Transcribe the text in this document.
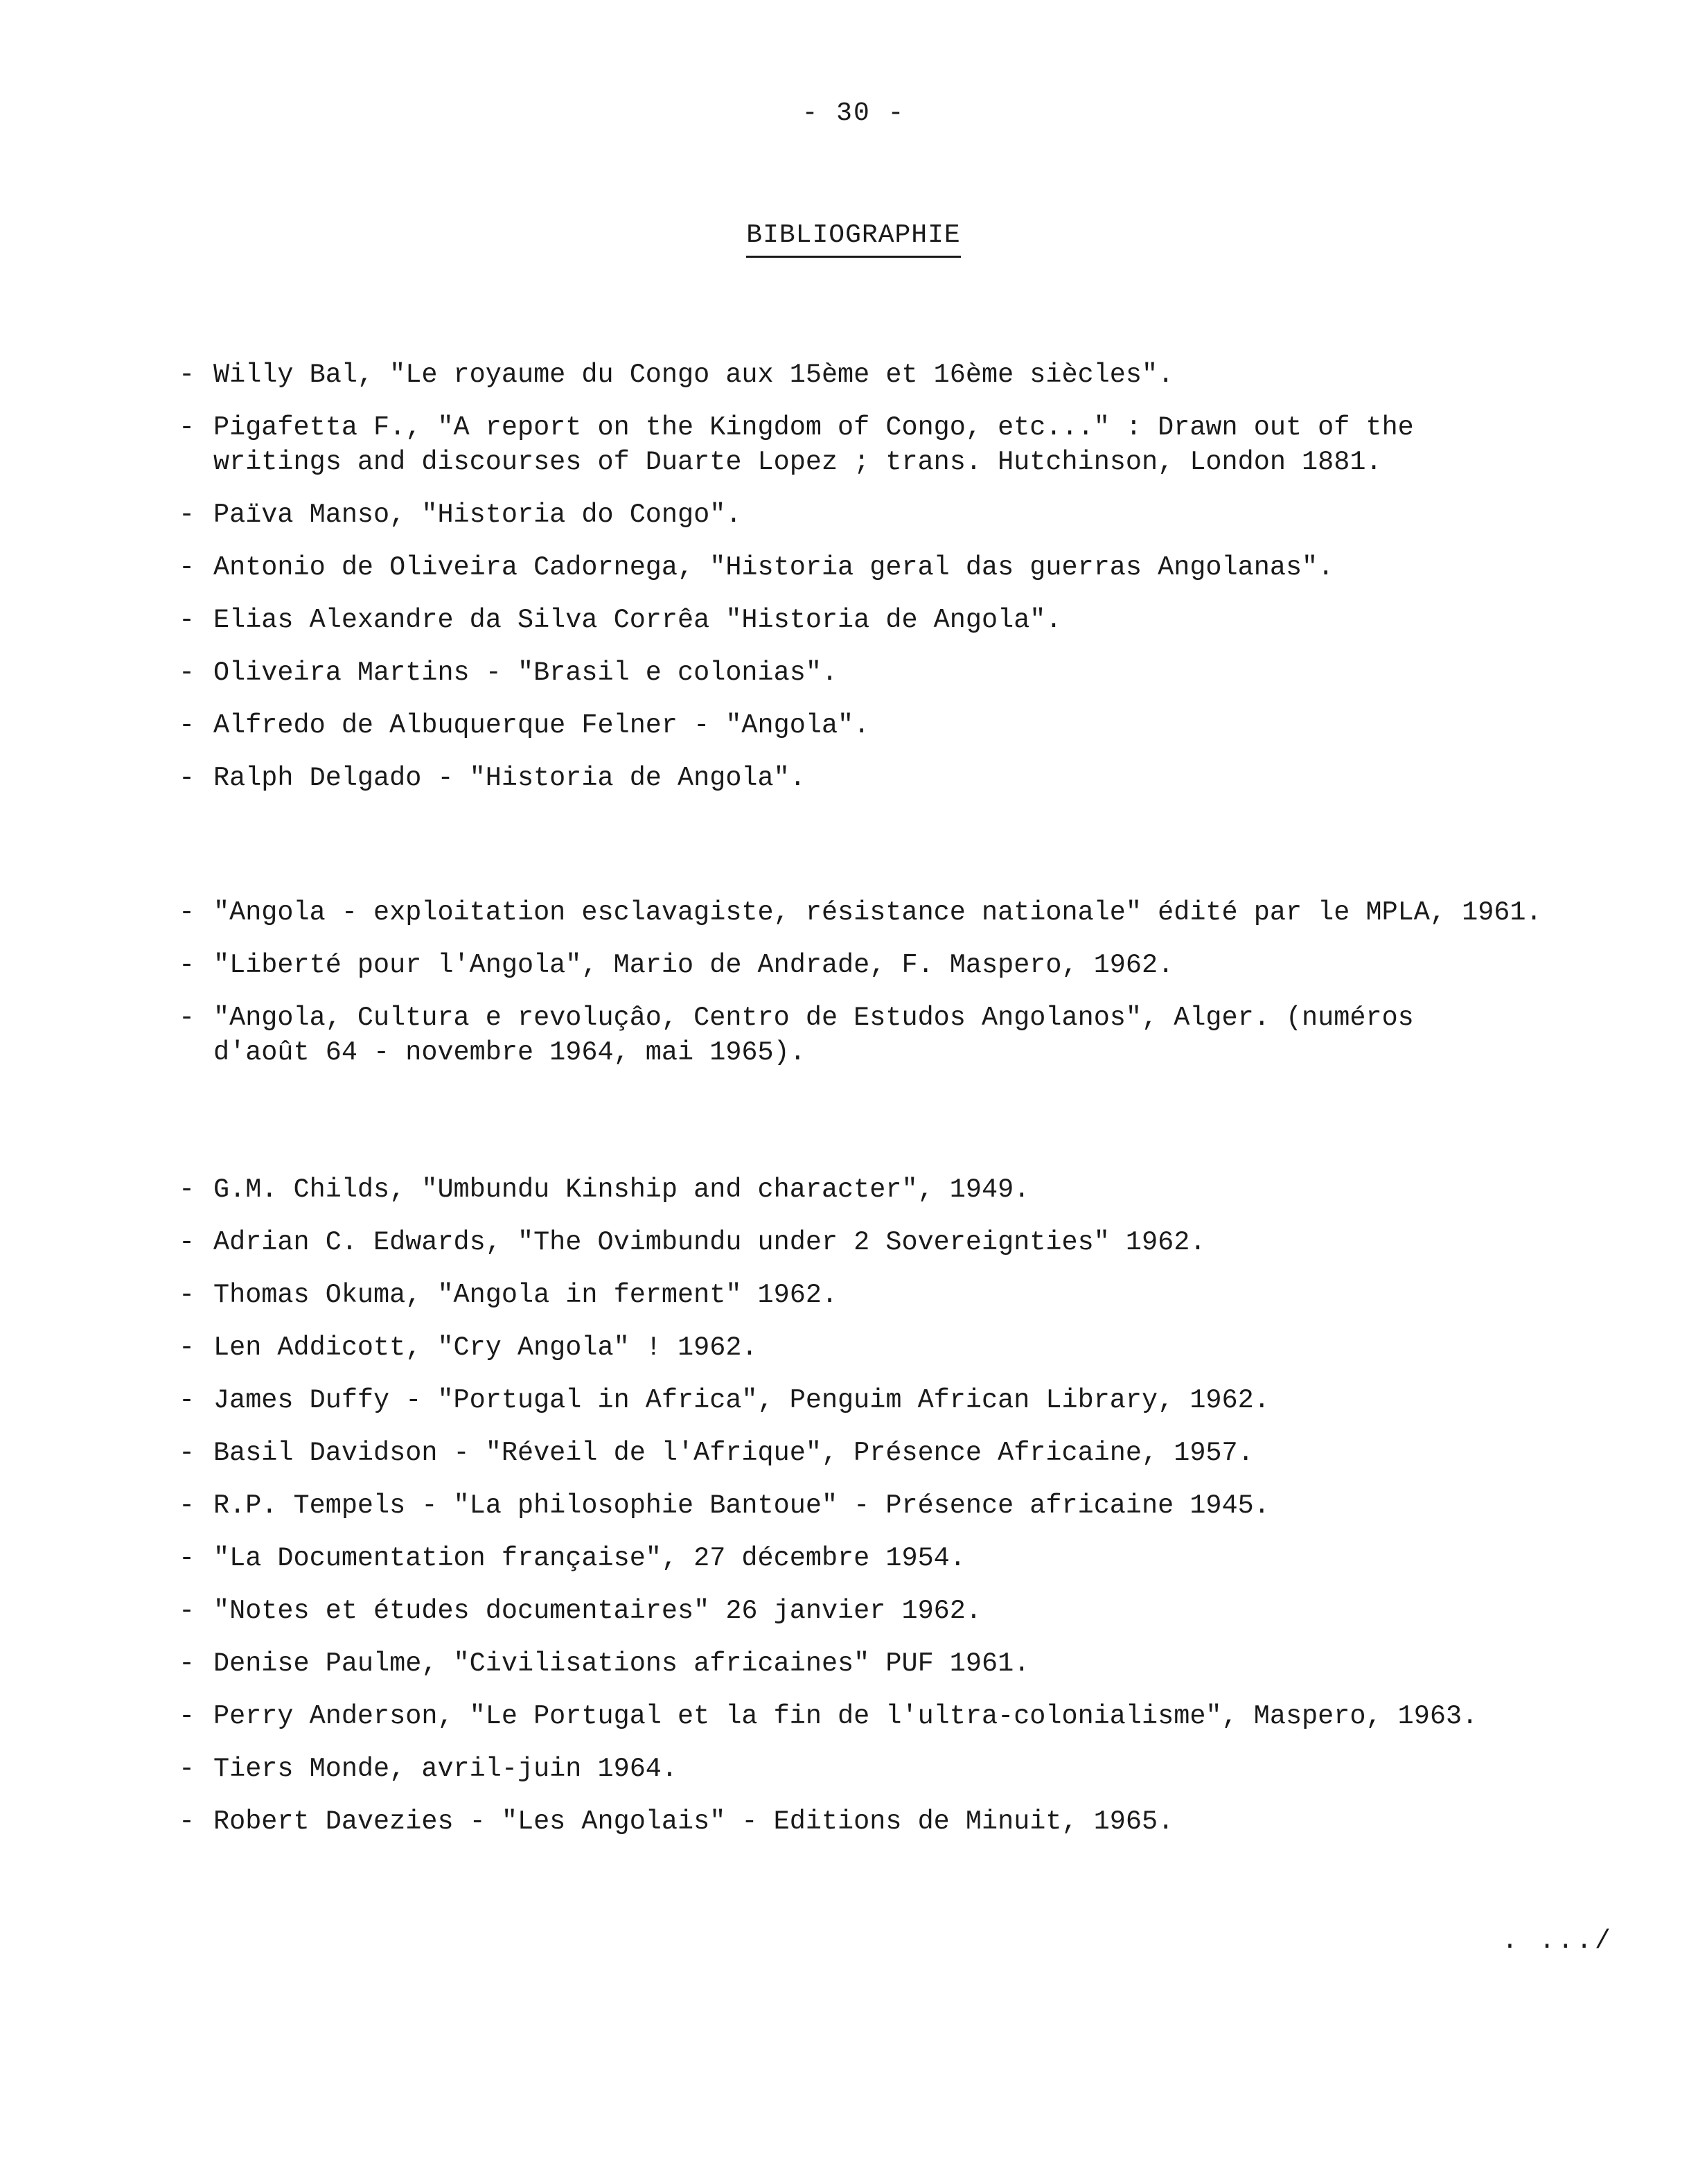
- 30 -
BIBLIOGRAPHIE
- Willy Bal, "Le royaume du Congo aux 15ème et 16ème siècles".
- Pigafetta F., "A report on the Kingdom of Congo, etc..." : Drawn out of the
writings and discourses of Duarte Lopez ; trans. Hutchinson, London 1881.
- Païva Manso, "Historia do Congo".
- Antonio de Oliveira Cadornega, "Historia geral das guerras Angolanas".
- Elias Alexandre da Silva Corrêa "Historia de Angola".
- Oliveira Martins - "Brasil e colonias".
- Alfredo de Albuquerque Felner - "Angola".
- Ralph Delgado - "Historia de Angola".
- "Angola - exploitation esclavagiste, résistance nationale" édité par le MPLA, 1961.
- "Liberté pour l'Angola", Mario de Andrade, F. Maspero, 1962.
- "Angola, Cultura e revoluçâo, Centro de Estudos Angolanos", Alger. (numéros
d'août 64 - novembre 1964, mai 1965).
- G.M. Childs, "Umbundu Kinship and character", 1949.
- Adrian C. Edwards, "The Ovimbundu under 2 Sovereignties" 1962.
- Thomas Okuma, "Angola in ferment" 1962.
- Len Addicott, "Cry Angola" ! 1962.
- James Duffy - "Portugal in Africa", Penguim African Library, 1962.
- Basil Davidson - "Réveil de l'Afrique", Présence Africaine, 1957.
- R.P. Tempels - "La philosophie Bantoue" - Présence africaine 1945.
- "La Documentation française", 27 décembre 1954.
- "Notes et études documentaires" 26 janvier 1962.
- Denise Paulme, "Civilisations africaines" PUF 1961.
- Perry Anderson, "Le Portugal et la fin de l'ultra-colonialisme", Maspero, 1963.
- Tiers Monde, avril-juin 1964.
- Robert Davezies - "Les Angolais" - Editions de Minuit, 1965.
. .../
